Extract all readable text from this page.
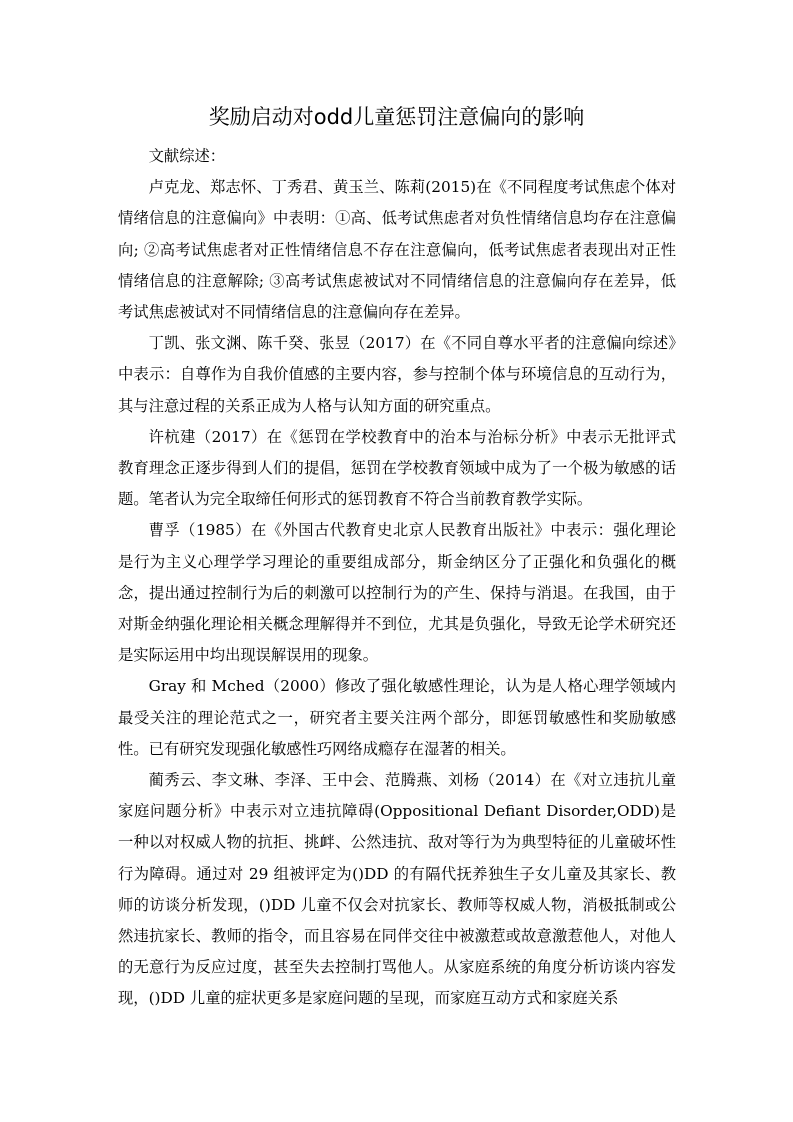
奖励启动对odd儿童惩罚注意偏向的影响

文献综述：

卢克龙、郑志怀、丁秀君、黄玉兰、陈莉(2015)在《不同程度考试焦虑个体对情绪信息的注意偏向》中表明：①高、低考试焦虑者对负性情绪信息均存在注意偏向; ②高考试焦虑者对正性情绪信息不存在注意偏向，低考试焦虑者表现出对正性情绪信息的注意解除; ③高考试焦虑被试对不同情绪信息的注意偏向存在差异，低考试焦虑被试对不同情绪信息的注意偏向存在差异。

丁凯、张文渊、陈千癸、张昱（2017）在《不同自尊水平者的注意偏向综述》中表示：自尊作为自我价值感的主要内容，参与控制个体与环境信息的互动行为，其与注意过程的关系正成为人格与认知方面的研究重点。

许杭建（2017）在《惩罚在学校教育中的治本与治标分析》中表示无批评式教育理念正逐步得到人们的提倡，惩罚在学校教育领域中成为了一个极为敏感的话题。笔者认为完全取缔任何形式的惩罚教育不符合当前教育教学实际。

曹孚（1985）在《外国古代教育史北京人民教育出版社》中表示：强化理论是行为主义心理学学习理论的重要组成部分，斯金纳区分了正强化和负强化的概念，提出通过控制行为后的刺激可以控制行为的产生、保持与消退。在我国，由于对斯金纳强化理论相关概念理解得并不到位，尤其是负强化，导致无论学术研究还是实际运用中均出现误解误用的现象。

Gray 和 Mched（2000）修改了强化敏感性理论，认为是人格心理学领域内最受关注的理论范式之一，研究者主要关注两个部分，即惩罚敏感性和奖励敏感性。已有研究发现强化敏感性巧网络成瘾存在湿著的相关。

蔺秀云、李文琳、李泽、王中会、范腾燕、刘杨（2014）在《对立违抗儿童家庭问题分析》中表示对立违抗障碍(Oppositional Defiant Disorder,ODD)是一种以对权威人物的抗拒、挑衅、公然违抗、敌对等行为为典型特征的儿童破坏性行为障碍。通过对 29 组被评定为()DD 的有隔代抚养独生子女儿童及其家长、教师的访谈分析发现，()DD 儿童不仅会对抗家长、教师等权威人物，消极抵制或公然违抗家长、教师的指令，而且容易在同伴交往中被激惹或故意激惹他人，对他人的无意行为反应过度，甚至失去控制打骂他人。从家庭系统的角度分析访谈内容发现，()DD 儿童的症状更多是家庭问题的呈现，而家庭互动方式和家庭关系
